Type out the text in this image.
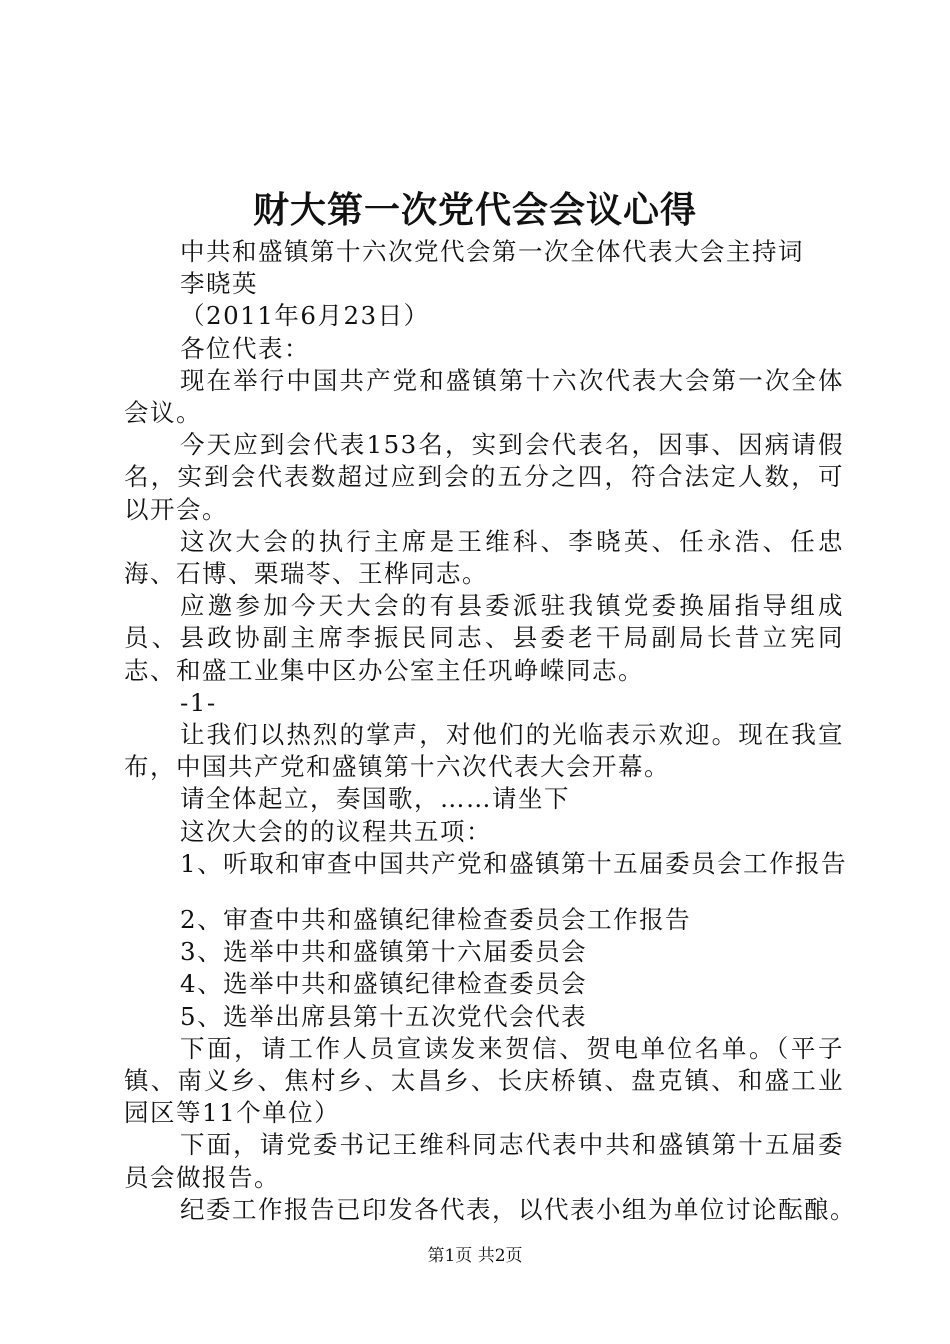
财大第一次党代会会议心得
中共和盛镇第十六次党代会第一次全体代表大会主持词
李晓英
（2011年6月23日）
各位代表：

现在举行中国共产党和盛镇第十六次代表大会第一次全体会议。

今天应到会代表153名，实到会代表名，因事、因病请假名，实到会代表数超过应到会的五分之四，符合法定人数，可以开会。

这次大会的执行主席是王维科、李晓英、任永浩、任忠海、石博、栗瑞苓、王桦同志。

应邀参加今天大会的有县委派驻我镇党委换届指导组成员、县政协副主席李振民同志、县委老干局副局长昔立宪同志、和盛工业集中区办公室主任巩峥嵘同志。

-1-

让我们以热烈的掌声，对他们的光临表示欢迎。现在我宣布，中国共产党和盛镇第十六次代表大会开幕。

请全体起立，奏国歌，……请坐下
这次大会的的议程共五项：
1、听取和审查中国共产党和盛镇第十五届委员会工作报告
2、审查中共和盛镇纪律检查委员会工作报告
3、选举中共和盛镇第十六届委员会
4、选举中共和盛镇纪律检查委员会
5、选举出席县第十五次党代会代表

下面，请工作人员宣读发来贺信、贺电单位名单。（平子镇、南义乡、焦村乡、太昌乡、长庆桥镇、盘克镇、和盛工业园区等11个单位）

下面，请党委书记王维科同志代表中共和盛镇第十五届委员会做报告。

纪委工作报告已印发各代表，以代表小组为单位讨论酝酿。
第1页 共2页
